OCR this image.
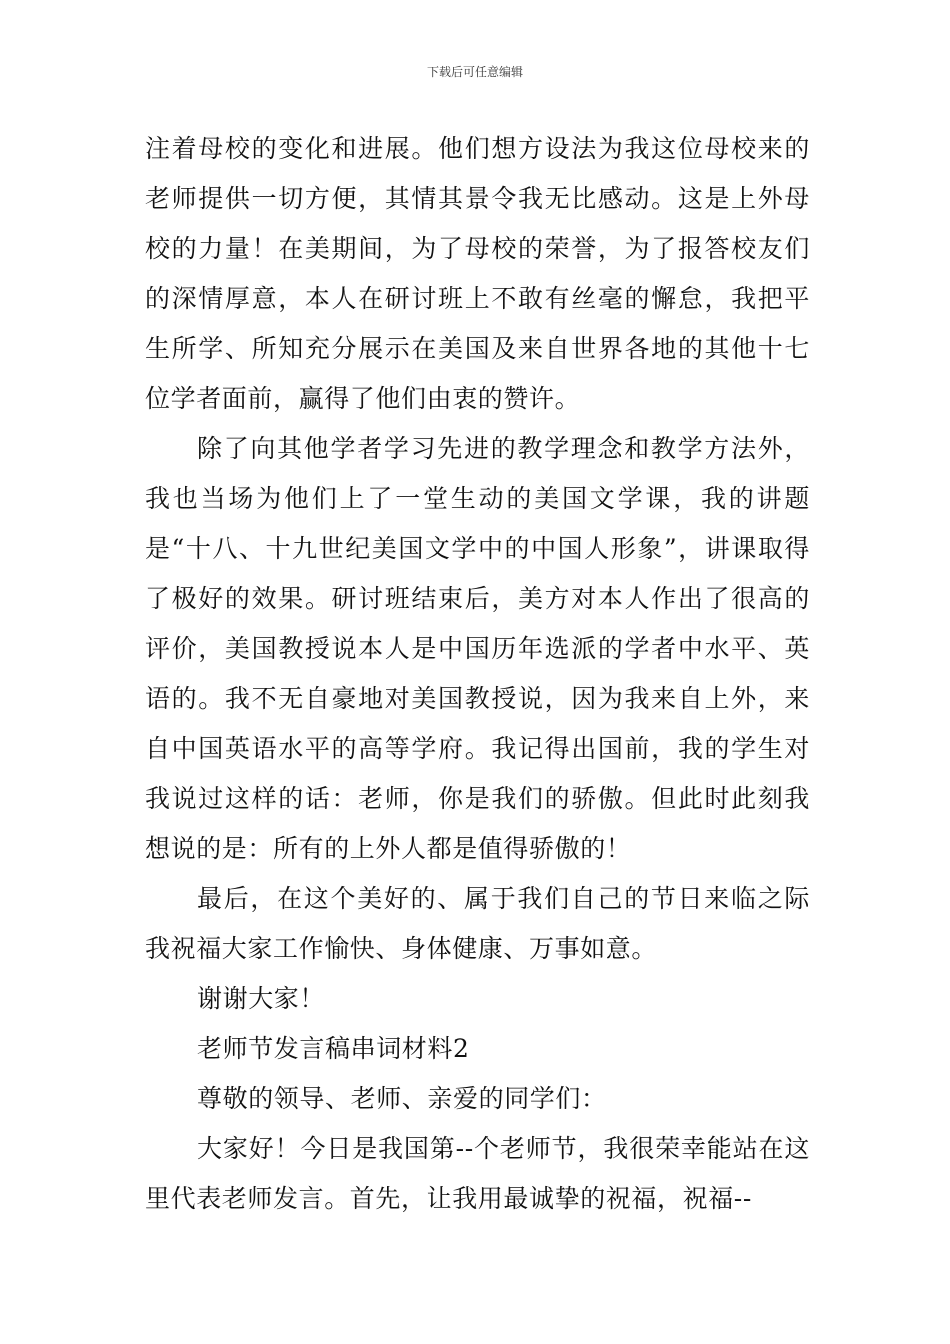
下载后可任意编辑

注着母校的变化和进展。他们想方设法为我这位母校来的老师提供一切方便，其情其景令我无比感动。这是上外母校的力量！在美期间，为了母校的荣誉，为了报答校友们的深情厚意，本人在研讨班上不敢有丝毫的懈怠，我把平生所学、所知充分展示在美国及来自世界各地的其他十七位学者面前，赢得了他们由衷的赞许。

除了向其他学者学习先进的教学理念和教学方法外，我也当场为他们上了一堂生动的美国文学课，我的讲题是“十八、十九世纪美国文学中的中国人形象”，讲课取得了极好的效果。研讨班结束后，美方对本人作出了很高的评价，美国教授说本人是中国历年选派的学者中水平、英语的。我不无自豪地对美国教授说，因为我来自上外，来自中国英语水平的高等学府。我记得出国前，我的学生对我说过这样的话：老师，你是我们的骄傲。但此时此刻我想说的是：所有的上外人都是值得骄傲的！

最后，在这个美好的、属于我们自己的节日来临之际我祝福大家工作愉快、身体健康、万事如意。

谢谢大家！

老师节发言稿串词材料2

尊敬的领导、老师、亲爱的同学们：

大家好！今日是我国第--个老师节，我很荣幸能站在这里代表老师发言。首先，让我用最诚挚的祝福，祝福--
